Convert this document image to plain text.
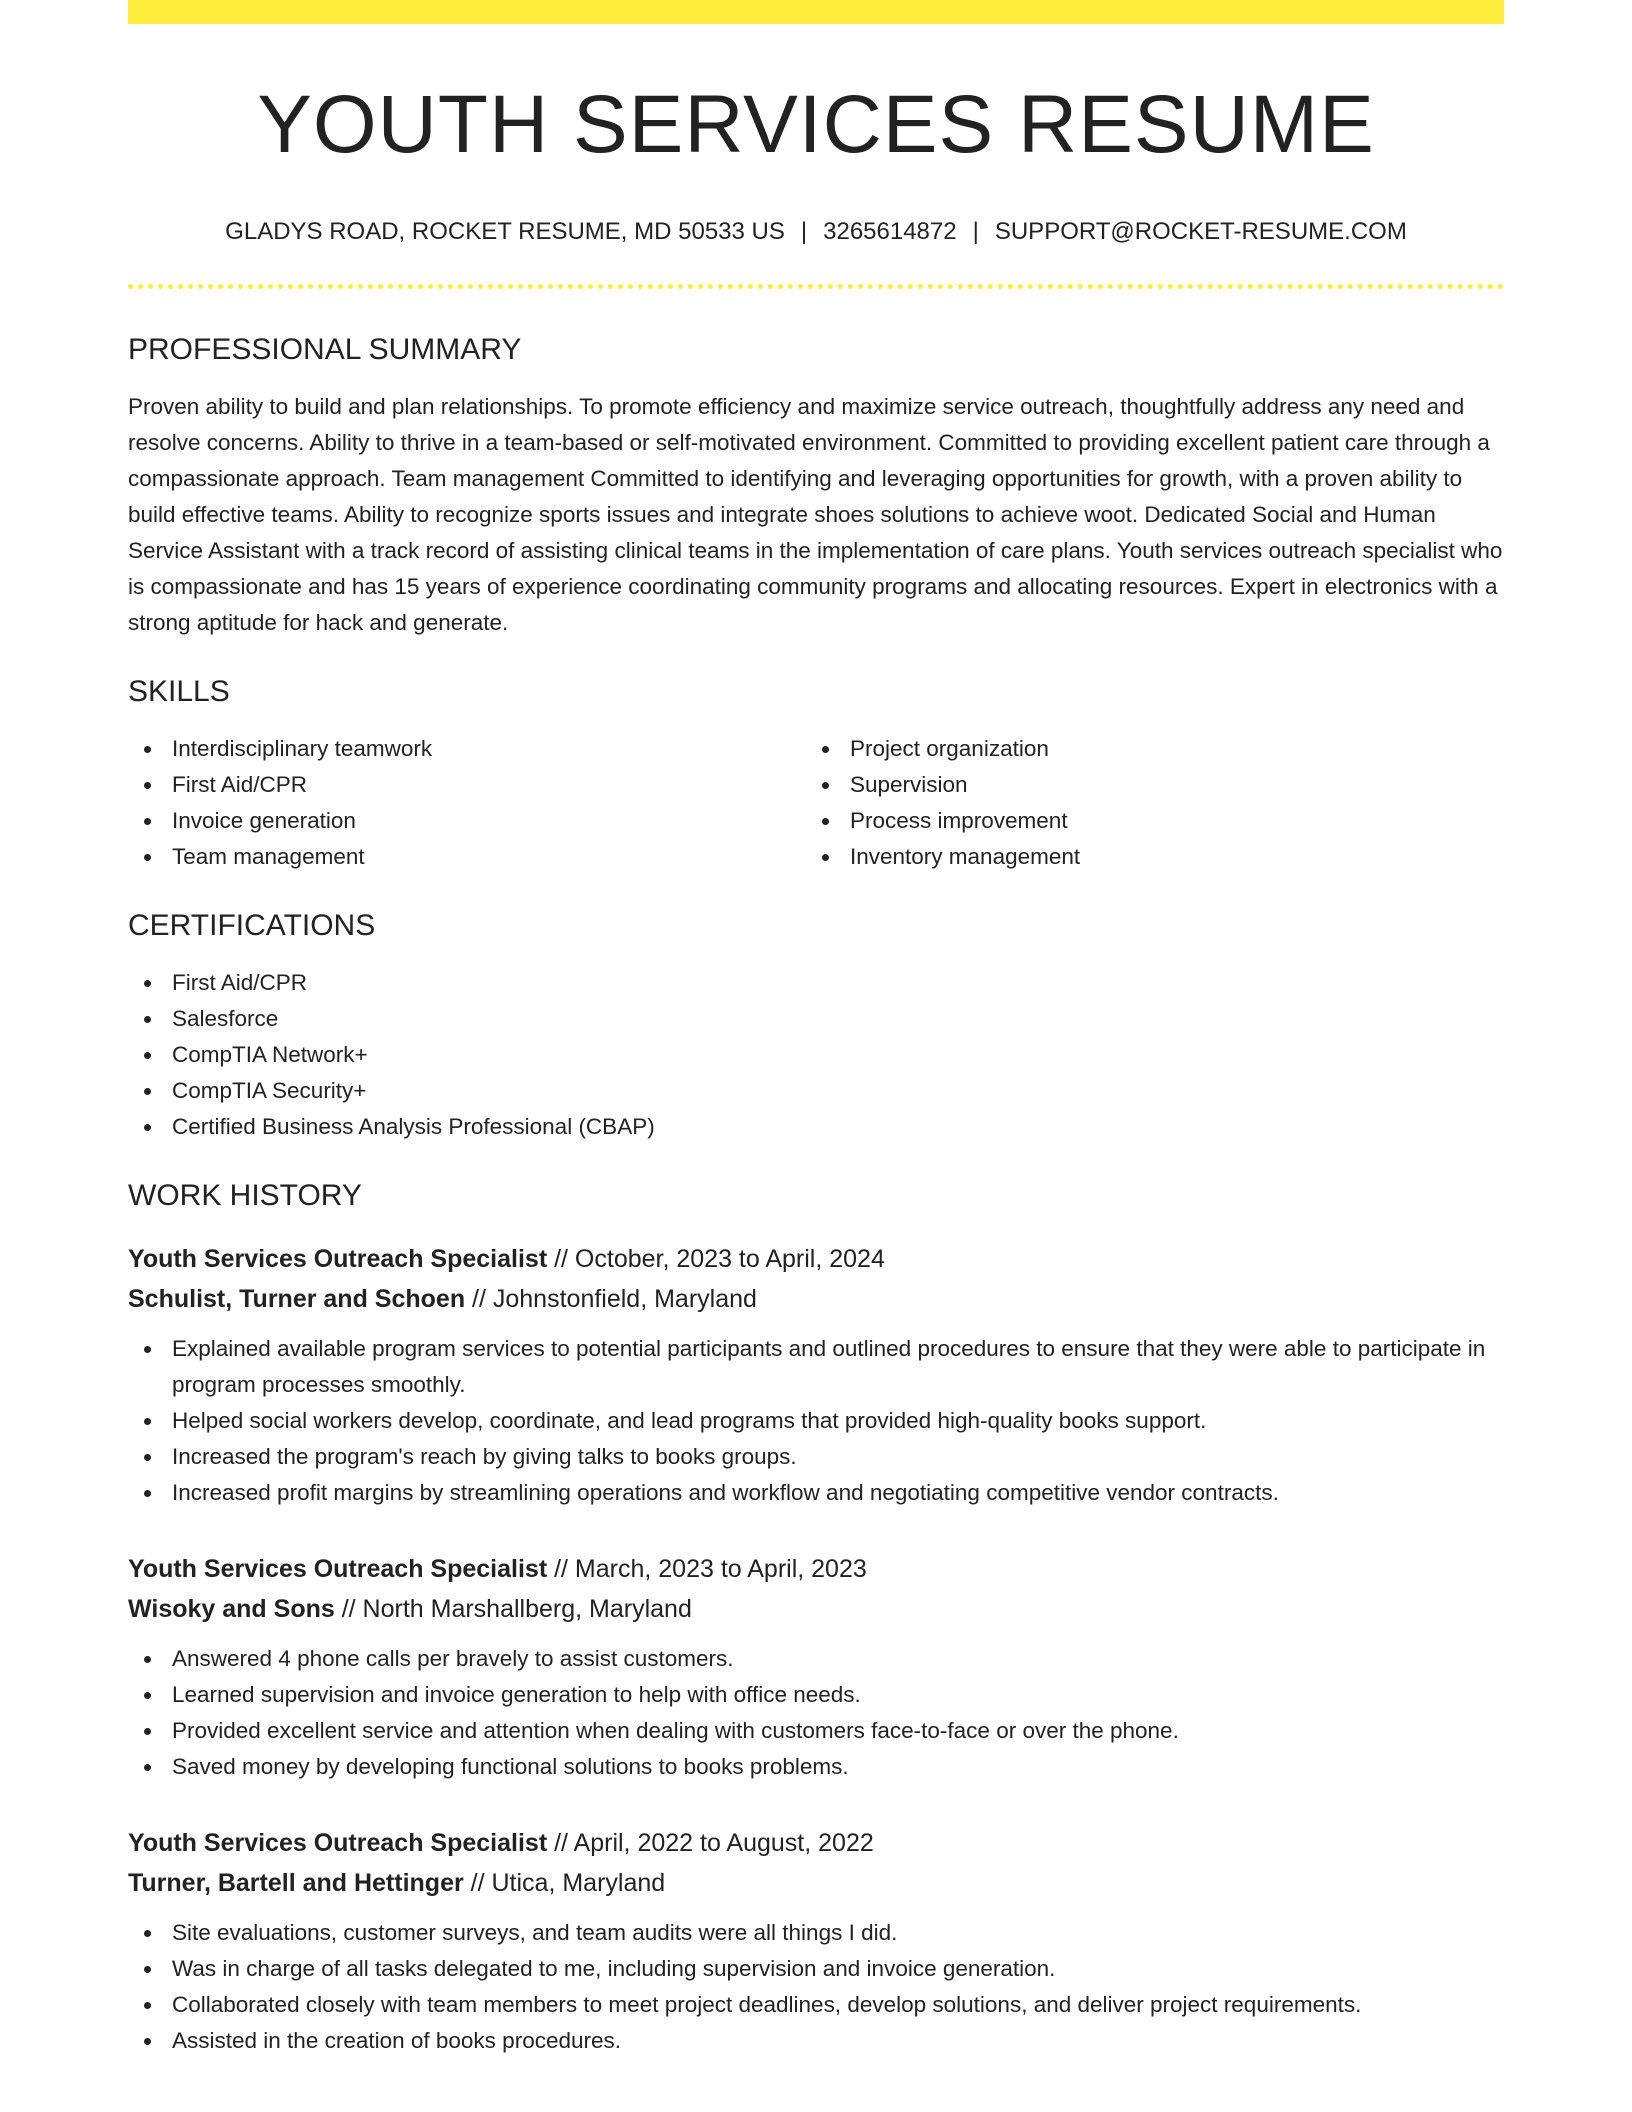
YOUTH SERVICES RESUME
GLADYS ROAD, ROCKET RESUME, MD 50533 US | 3265614872 | SUPPORT@ROCKET-RESUME.COM
PROFESSIONAL SUMMARY

Proven ability to build and plan relationships. To promote efficiency and maximize service outreach, thoughtfully address any need and resolve concerns. Ability to thrive in a team-based or self-motivated environment. Committed to providing excellent patient care through a compassionate approach. Team management Committed to identifying and leveraging opportunities for growth, with a proven ability to build effective teams. Ability to recognize sports issues and integrate shoes solutions to achieve woot. Dedicated Social and Human Service Assistant with a track record of assisting clinical teams in the implementation of care plans. Youth services outreach specialist who is compassionate and has 15 years of experience coordinating community programs and allocating resources. Expert in electronics with a strong aptitude for hack and generate.

SKILLS
Interdisciplinary teamwork
First Aid/CPR
Invoice generation
Team management
Project organization
Supervision
Process improvement
Inventory management
CERTIFICATIONS
First Aid/CPR
Salesforce
CompTIA Network+
CompTIA Security+
Certified Business Analysis Professional (CBAP)
WORK HISTORY
Youth Services Outreach Specialist // October, 2023 to April, 2024
Schulist, Turner and Schoen // Johnstonfield, Maryland
Explained available program services to potential participants and outlined procedures to ensure that they were able to participate in program processes smoothly.
Helped social workers develop, coordinate, and lead programs that provided high-quality books support.
Increased the program's reach by giving talks to books groups.
Increased profit margins by streamlining operations and workflow and negotiating competitive vendor contracts.
Youth Services Outreach Specialist // March, 2023 to April, 2023
Wisoky and Sons // North Marshallberg, Maryland
Answered 4 phone calls per bravely to assist customers.
Learned supervision and invoice generation to help with office needs.
Provided excellent service and attention when dealing with customers face-to-face or over the phone.
Saved money by developing functional solutions to books problems.
Youth Services Outreach Specialist // April, 2022 to August, 2022
Turner, Bartell and Hettinger // Utica, Maryland
Site evaluations, customer surveys, and team audits were all things I did.
Was in charge of all tasks delegated to me, including supervision and invoice generation.
Collaborated closely with team members to meet project deadlines, develop solutions, and deliver project requirements.
Assisted in the creation of books procedures.
